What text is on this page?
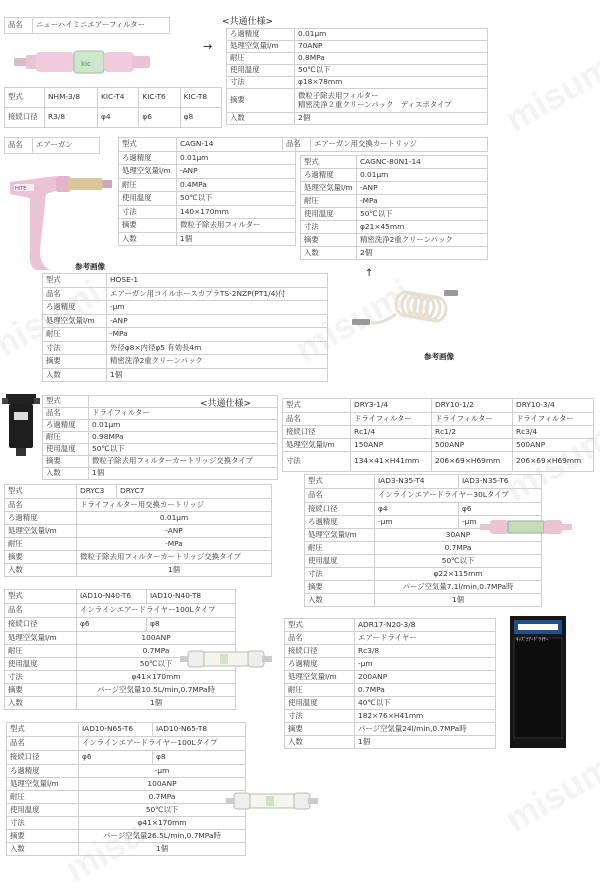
品名	ニューハイミニエアーフィルター
kic
→
<共通仕様>
ろ過精度	0.01μm
処理空気量l/m	70ANP
耐圧	0.8MPa
使用温度	50℃以下
寸法	φ18×78mm
摘要	微粒子除去用フィルター
精密洗浄２重クリーンパック　ディスポタイプ
入数	2個
型式	NHM-3/8	KIC-T4	KIC-T6	KIC-T8
接続口径	R3/8	φ4	φ6	φ8
品名	エアーガン
HITE
参考画像
型式	CAGN-14
ろ過精度	0.01μm
処理空気量l/m	-ANP
耐圧	0.4MPa
使用温度	50℃以下
寸法	140×170mm
摘要	微粒子除去用フィルター
入数	1個
品名	エアーガン用交換カートリッジ
型式	CAGNC-80N1-14
ろ過精度	0.01μm
処理空気量l/m	-ANP
耐圧	-MPa
使用温度	50℃以下
寸法	φ21×45mm
摘要	精密洗浄2重クリーンパック
入数	2個
↑
型式	HOSE-1
品名	エアーガン用コイルホースカプラTS-2NZP(PT1/4)付
ろ過精度	-μm
処理空気量l/m	-ANP
耐圧	-MPa
寸法	外径φ8×内径φ5 有効長4m
摘要	精密洗浄2重クリーンパック
入数	1個
参考画像
<共通仕様>
型式	
品名	ドライフィルター
ろ過精度	0.01μm
耐圧	0.98MPa
使用温度	50℃以下
摘要	微粒子除去用フィルターカートリッジ交換タイプ
入数	1個
型式	DRY3-1/4	DRY10-1/2	DRY10-3/4
品名	ドライフィルター	ドライフィルター	ドライフィルター
接続口径	Rc1/4	Rc1/2	Rc3/4
処理空気量l/m	150ANP	500ANP	500ANP
寸法	134×41×H41mm	206×69×H69mm	206×69×H69mm
型式	DRYC3	DRYC7
品名	ドライフィルター用交換カートリッジ	
ろ過精度	0.01μm	
処理空気量l/m	-ANP	
耐圧	-MPa	
摘要	微粒子除去用フィルターカートリッジ交換タイプ	
入数	1個	
型式	IAD3-N35-T4	IAD3-N35-T6
品名	インラインエアードライヤー30Lタイプ	
接続口径	φ4	φ6
ろ過精度	-μm	-μm
処理空気量l/m	30ANP	
耐圧	0.7MPa	
使用温度	50℃以下	
寸法	φ22×115mm	
摘要	パージ空気量7.1l/min,0.7MPa時	
入数	1個	
型式	IAD10-N40-T6	IAD10-N40-T8
品名	インラインエアードライヤー100Lタイプ	
接続口径	φ6	φ8
処理空気量l/m	100ANP	
耐圧	0.7MPa	
使用温度	50℃以下	
寸法	φ41×170mm	
摘要	パージ空気量10.5L/min,0.7MPa時	
入数	1個	
型式	ADR17-N20-3/8
品名	エアードライヤー
接続口径	Rc3/8
ろ過精度	-μm
処理空気量l/m	200ANP
耐圧	0.7MPa
使用温度	40℃以下
寸法	182×76×H41mm
摘要	パージ空気量24l/min,0.7MPa時
入数	1個
ｷｯｽﾞｴｱｰﾄﾞﾗｲﾔｰ
型式	IAD10-N65-T6	IAD10-N65-T8
品名	インラインエアードライヤー100Lタイプ	
接続口径	φ6	φ8
ろ過精度	-μm	
処理空気量l/m	100ANP	
耐圧	0.7MPa	
使用温度	50℃以下	
寸法	φ41×170mm	
摘要	パージ空気量26.5L/min,0.7MPa時	
入数	1個	
